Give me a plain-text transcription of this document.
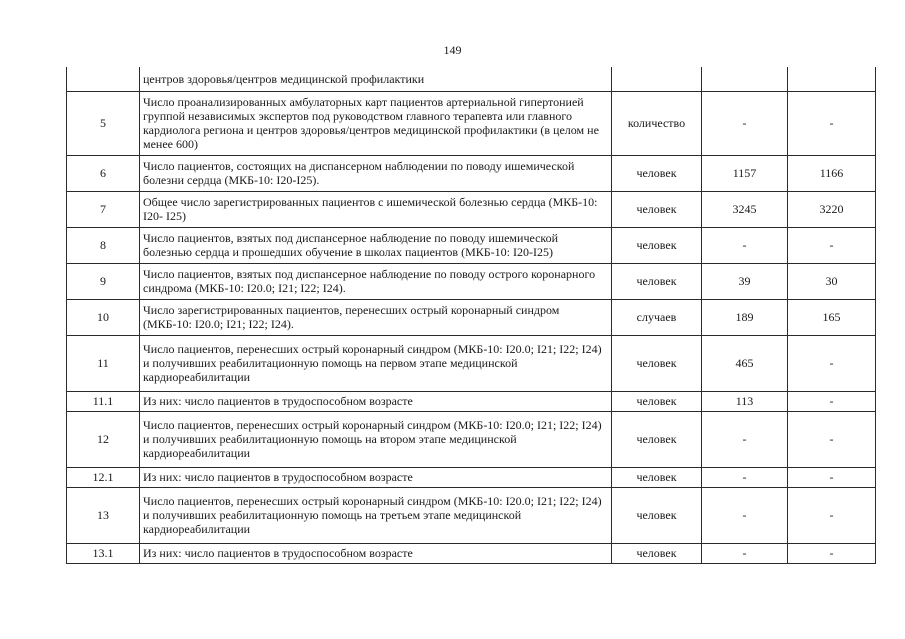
149
	центров здоровья/центров медицинской профилактики			
5	Число проанализированных амбулаторных карт пациентов артериальной гипертонией группой независимых экспертов под руководством главного терапевта или главного кардиолога региона и центров здоровья/центров медицинской профилактики (в целом не менее 600)	количество	-	-
6	Число пациентов, состоящих на диспансерном наблюдении по поводу ишемической болезни сердца (МКБ-10: I20-I25).	человек	1157	1166
7	Общее число зарегистрированных пациентов с ишемической болезнью сердца (МКБ-10: I20- I25)	человек	3245	3220
8	Число пациентов, взятых под диспансерное наблюдение по поводу ишемической болезнью сердца и прошедших обучение в школах пациентов (МКБ-10: I20-I25)	человек	-	-
9	Число пациентов, взятых под диспансерное наблюдение по поводу острого коронарного синдрома (МКБ-10: I20.0; I21; I22; I24).	человек	39	30
10	Число зарегистрированных пациентов, перенесших острый коронарный синдром (МКБ-10: I20.0; I21; I22; I24).	случаев	189	165
11	Число пациентов, перенесших острый коронарный синдром (МКБ-10: I20.0; I21; I22; I24) и получивших реабилитационную помощь на первом этапе медицинской кардиореабилитации	человек	465	-
11.1	Из них: число пациентов в трудоспособном возрасте	человек	113	-
12	Число пациентов, перенесших острый коронарный синдром (МКБ-10: I20.0; I21; I22; I24) и получивших реабилитационную помощь на втором этапе медицинской кардиореабилитации	человек	-	-
12.1	Из них: число пациентов в трудоспособном возрасте	человек	-	-
13	Число пациентов, перенесших острый коронарный синдром (МКБ-10: I20.0; I21; I22; I24) и получивших реабилитационную помощь на третьем этапе медицинской кардиореабилитации	человек	-	-
13.1	Из них: число пациентов в трудоспособном возрасте	человек	-	-
